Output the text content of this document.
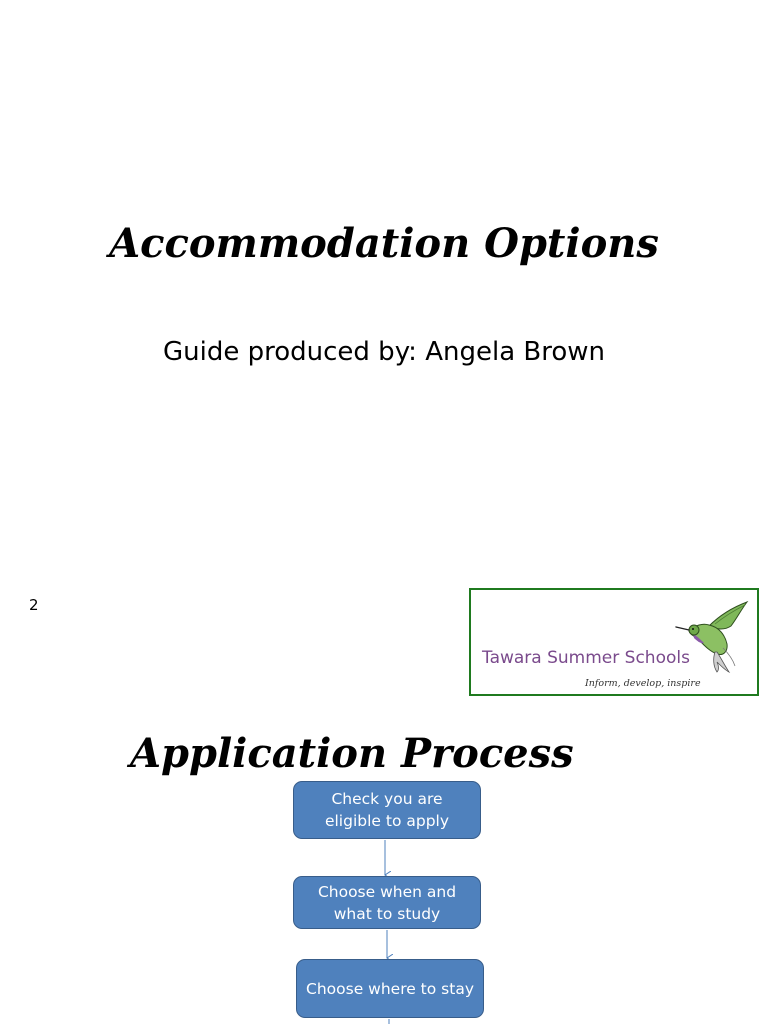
Accommodation Options

Guide produced by: Angela Brown

2
Tawara Summer Schools
Inform, develop, inspire
Application Process
Check you are eligible to apply
Choose when and what to study
Choose where to stay
